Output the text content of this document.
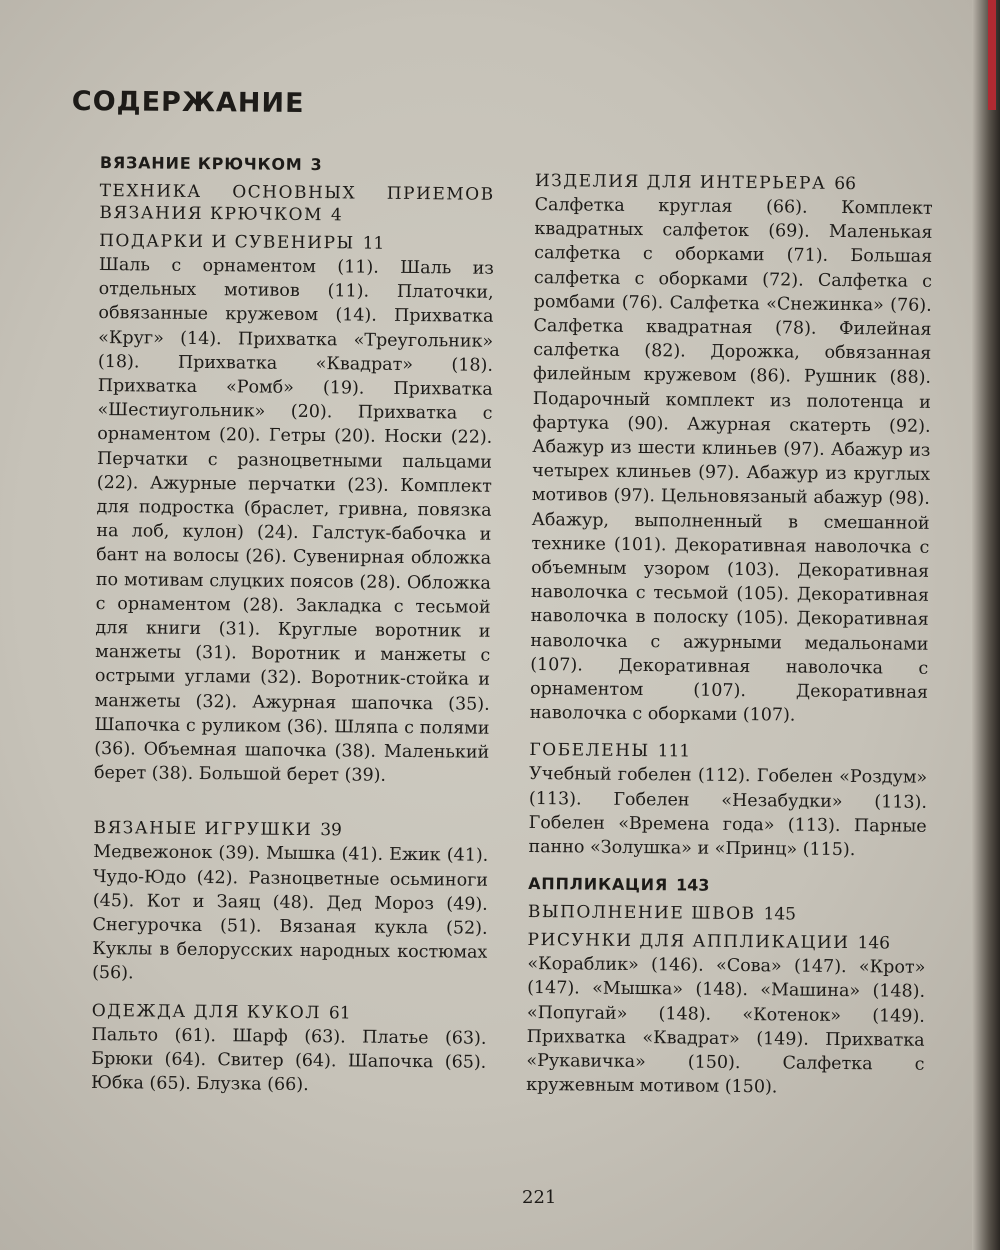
СОДЕРЖАНИЕ
ВЯЗАНИЕ КРЮЧКОМ 3
ТЕХНИКА ОСНОВНЫХ ПРИЕМОВ ВЯЗАНИЯ КРЮЧКОМ 4
ПОДАРКИ И СУВЕНИРЫ 11
Шаль с орнаментом (11). Шаль из отдельных мотивов (11). Платочки, обвязанные кружевом (14). Прихватка «Круг» (14). Прихватка «Треугольник» (18). Прихватка «Квадрат» (18). Прихватка «Ромб» (19). Прихватка «Шестиугольник» (20). Прихватка с орнаментом (20). Гетры (20). Носки (22). Перчатки с разноцветными пальцами (22). Ажурные перчатки (23). Комплект для подростка (браслет, гривна, повязка на лоб, кулон) (24). Галстук-бабочка и бант на волосы (26). Сувенирная обложка по мотивам слуцких поясов (28). Обложка с орнаментом (28). Закладка с тесьмой для книги (31). Круглые воротник и манжеты (31). Воротник и манжеты с острыми углами (32). Воротник-стойка и манжеты (32). Ажурная шапочка (35). Шапочка с руликом (36). Шляпа с полями (36). Объемная шапочка (38). Маленький берет (38). Большой берет (39).
ВЯЗАНЫЕ ИГРУШКИ 39
Медвежонок (39). Мышка (41). Ежик (41). Чудо-Юдо (42). Разноцветные осьминоги (45). Кот и Заяц (48). Дед Мороз (49). Снегурочка (51). Вязаная кукла (52). Куклы в белорусских народных костюмах (56).
ОДЕЖДА ДЛЯ КУКОЛ 61
Пальто (61). Шарф (63). Платье (63). Брюки (64). Свитер (64). Шапочка (65). Юбка (65). Блузка (66).
ИЗДЕЛИЯ ДЛЯ ИНТЕРЬЕРА 66
Салфетка круглая (66). Комплект квадратных салфеток (69). Маленькая салфетка с оборками (71). Большая салфетка с оборками (72). Салфетка с ромбами (76). Салфетка «Снежинка» (76). Салфетка квадратная (78). Филейная салфетка (82). Дорожка, обвязанная филейным кружевом (86). Рушник (88). Подарочный комплект из полотенца и фартука (90). Ажурная скатерть (92). Абажур из шести клиньев (97). Абажур из четырех клиньев (97). Абажур из круглых мотивов (97). Цельновязаный абажур (98). Абажур, выполненный в смешанной технике (101). Декоративная наволочка с объемным узором (103). Декоративная наволочка с тесьмой (105). Декоративная наволочка в полоску (105). Декоративная наволочка с ажурными медальонами (107). Декоративная наволочка с орнаментом (107). Декоративная наволочка с оборками (107).
ГОБЕЛЕНЫ 111
Учебный гобелен (112). Гобелен «Роздум» (113). Гобелен «Незабудки» (113). Гобелен «Времена года» (113). Парные панно «Золушка» и «Принц» (115).
АППЛИКАЦИЯ 143
ВЫПОЛНЕНИЕ ШВОВ 145
РИСУНКИ ДЛЯ АППЛИКАЦИИ 146
«Кораблик» (146). «Сова» (147). «Крот» (147). «Мышка» (148). «Машина» (148). «Попугай» (148). «Котенок» (149). Прихватка «Квадрат» (149). Прихватка «Рукавичка» (150). Салфетка с кружевным мотивом (150).
221
